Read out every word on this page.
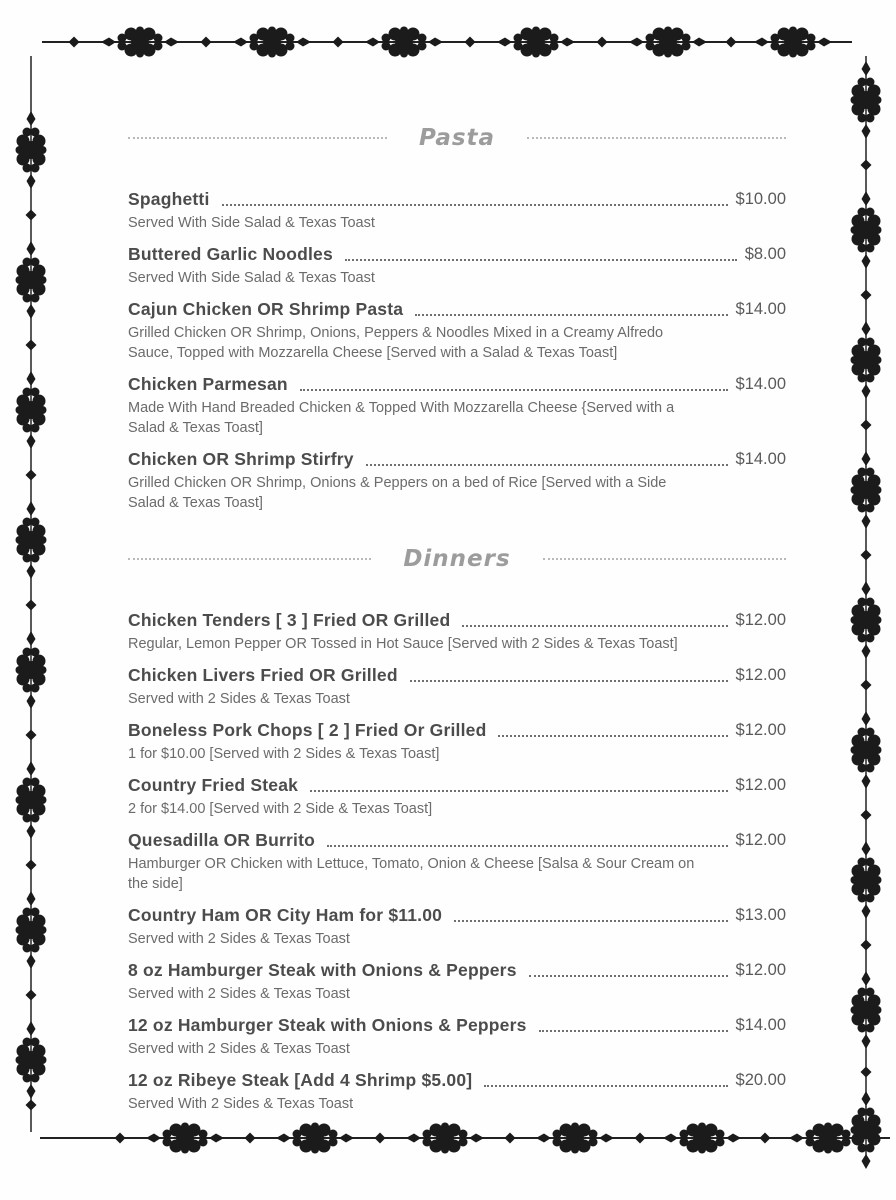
Pasta
Spaghetti	$10.00
Served With Side Salad & Texas Toast
Buttered Garlic Noodles	$8.00
Served With Side Salad & Texas Toast
Cajun Chicken OR Shrimp Pasta	$14.00
Grilled Chicken OR Shrimp, Onions, Peppers & Noodles Mixed in a Creamy Alfredo Sauce, Topped with Mozzarella Cheese [Served with a Salad & Texas Toast]
Chicken Parmesan	$14.00
Made With Hand Breaded Chicken & Topped With Mozzarella Cheese {Served with a Salad & Texas Toast]
Chicken OR Shrimp Stirfry	$14.00
Grilled Chicken OR Shrimp, Onions & Peppers on a bed of Rice [Served with a Side Salad & Texas Toast]
Dinners
Chicken Tenders [ 3 ] Fried OR Grilled	$12.00
Regular, Lemon Pepper OR Tossed in Hot Sauce [Served with 2 Sides & Texas Toast]
Chicken Livers Fried OR Grilled	$12.00
Served with 2 Sides & Texas Toast
Boneless Pork Chops [ 2 ] Fried Or Grilled	$12.00
1 for $10.00 [Served with 2 Sides & Texas Toast]
Country Fried Steak	$12.00
2 for $14.00 [Served with 2 Side & Texas Toast]
Quesadilla OR Burrito	$12.00
Hamburger OR Chicken with Lettuce, Tomato, Onion & Cheese [Salsa & Sour Cream on the side]
Country Ham OR City Ham for $11.00	$13.00
Served with 2 Sides & Texas Toast
8 oz Hamburger Steak with Onions & Peppers	$12.00
Served with 2 Sides & Texas Toast
12 oz Hamburger Steak with Onions & Peppers	$14.00
Served with 2 Sides & Texas Toast
12 oz Ribeye Steak [Add 4 Shrimp $5.00]	$20.00
Served With 2 Sides & Texas Toast
